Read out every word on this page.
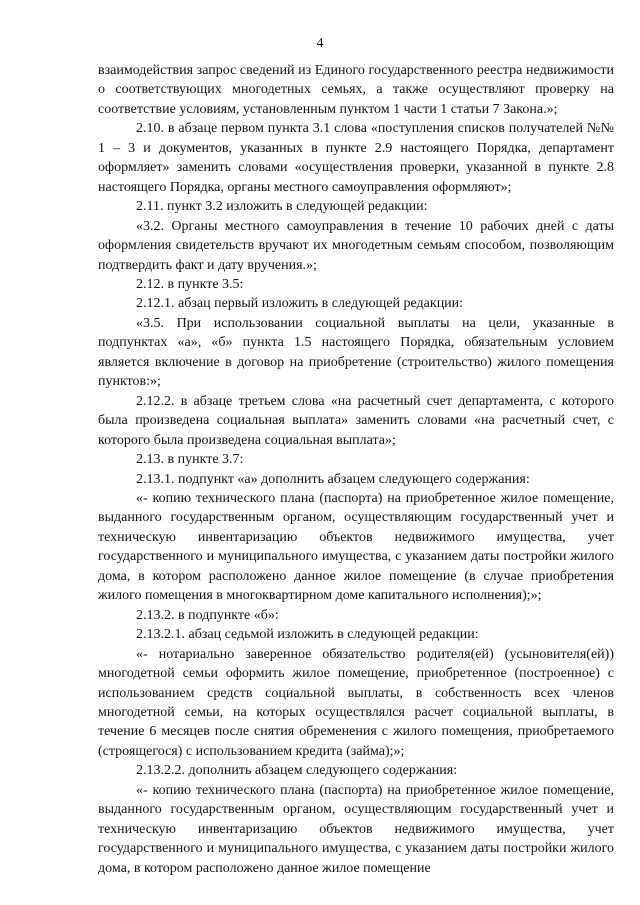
4

взаимодействия запрос сведений из Единого государственного реестра недвижимости о соответствующих многодетных семьях, а также осуществляют проверку на соответствие условиям, установленным пунктом 1 части 1 статьи 7 Закона.»;

2.10. в абзаце первом пункта 3.1 слова «поступления списков получателей №№ 1 – 3 и документов, указанных в пункте 2.9 настоящего Порядка, департамент оформляет» заменить словами «осуществления проверки, указанной в пункте 2.8 настоящего Порядка, органы местного самоуправления оформляют»;

2.11. пункт 3.2 изложить в следующей редакции:

«3.2. Органы местного самоуправления в течение 10 рабочих дней с даты оформления свидетельств вручают их многодетным семьям способом, позволяющим подтвердить факт и дату вручения.»;

2.12. в пункте 3.5:

2.12.1. абзац первый изложить в следующей редакции:

«3.5. При использовании социальной выплаты на цели, указанные в подпунктах «а», «б» пункта 1.5 настоящего Порядка, обязательным условием является включение в договор на приобретение (строительство) жилого помещения пунктов:»;

2.12.2. в абзаце третьем слова «на расчетный счет департамента, с которого была произведена социальная выплата» заменить словами «на расчетный счет, с которого была произведена социальная выплата»;

2.13. в пункте 3.7:

2.13.1. подпункт «а» дополнить абзацем следующего содержания:

«- копию технического плана (паспорта) на приобретенное жилое помещение, выданного государственным органом, осуществляющим государственный учет и техническую инвентаризацию объектов недвижимого имущества, учет государственного и муниципального имущества, с указанием даты постройки жилого дома, в котором расположено данное жилое помещение (в случае приобретения жилого помещения в многоквартирном доме капитального исполнения);»;

2.13.2. в подпункте «б»:

2.13.2.1. абзац седьмой изложить в следующей редакции:

«- нотариально заверенное обязательство родителя(ей) (усыновителя(ей)) многодетной семьи оформить жилое помещение, приобретенное (построенное) с использованием средств социальной выплаты, в собственность всех членов многодетной семьи, на которых осуществлялся расчет социальной выплаты, в течение 6 месяцев после снятия обременения с жилого помещения, приобретаемого (строящегося) с использованием кредита (займа);»;

2.13.2.2. дополнить абзацем следующего содержания:

«- копию технического плана (паспорта) на приобретенное жилое помещение, выданного государственным органом, осуществляющим государственный учет и техническую инвентаризацию объектов недвижимого имущества, учет государственного и муниципального имущества, с указанием даты постройки жилого дома, в котором расположено данное жилое помещение
